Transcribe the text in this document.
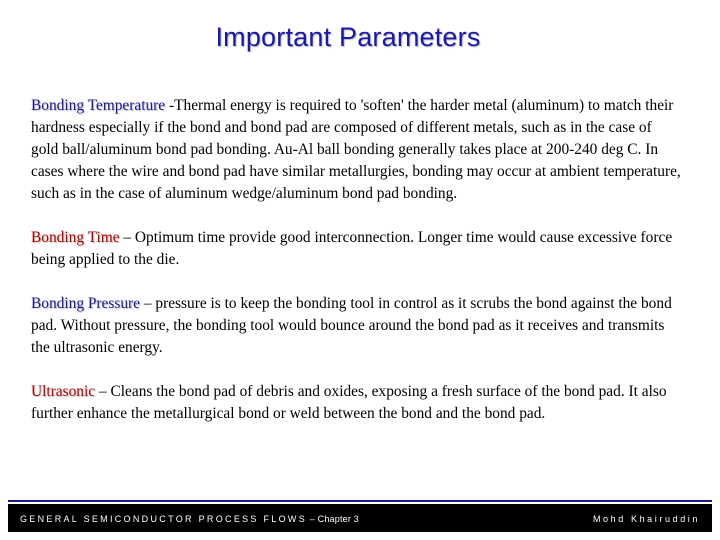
Important Parameters

Bonding Temperature -Thermal energy is required to 'soften' the harder metal (aluminum) to match their hardness especially if the bond and bond pad are composed of different metals, such as in the case of gold ball/aluminum bond pad bonding. Au-Al ball bonding generally takes place at 200-240 deg C. In cases where the wire and bond pad have similar metallurgies, bonding may occur at ambient temperature, such as in the case of aluminum wedge/aluminum bond pad bonding.

Bonding Time – Optimum time provide good interconnection. Longer time would cause excessive force being applied to the die.

Bonding Pressure – pressure is to keep the bonding tool in control as it scrubs the bond against the bond pad. Without pressure, the bonding tool would bounce around the bond pad as it receives and transmits the ultrasonic energy.

Ultrasonic – Cleans the bond pad of debris and oxides, exposing a fresh surface of the bond pad. It also further enhance the metallurgical bond or weld between the bond and the bond pad.

GENERAL SEMICONDUCTOR PROCESS FLOWS – Chapter 3	Mohd Khairuddin
